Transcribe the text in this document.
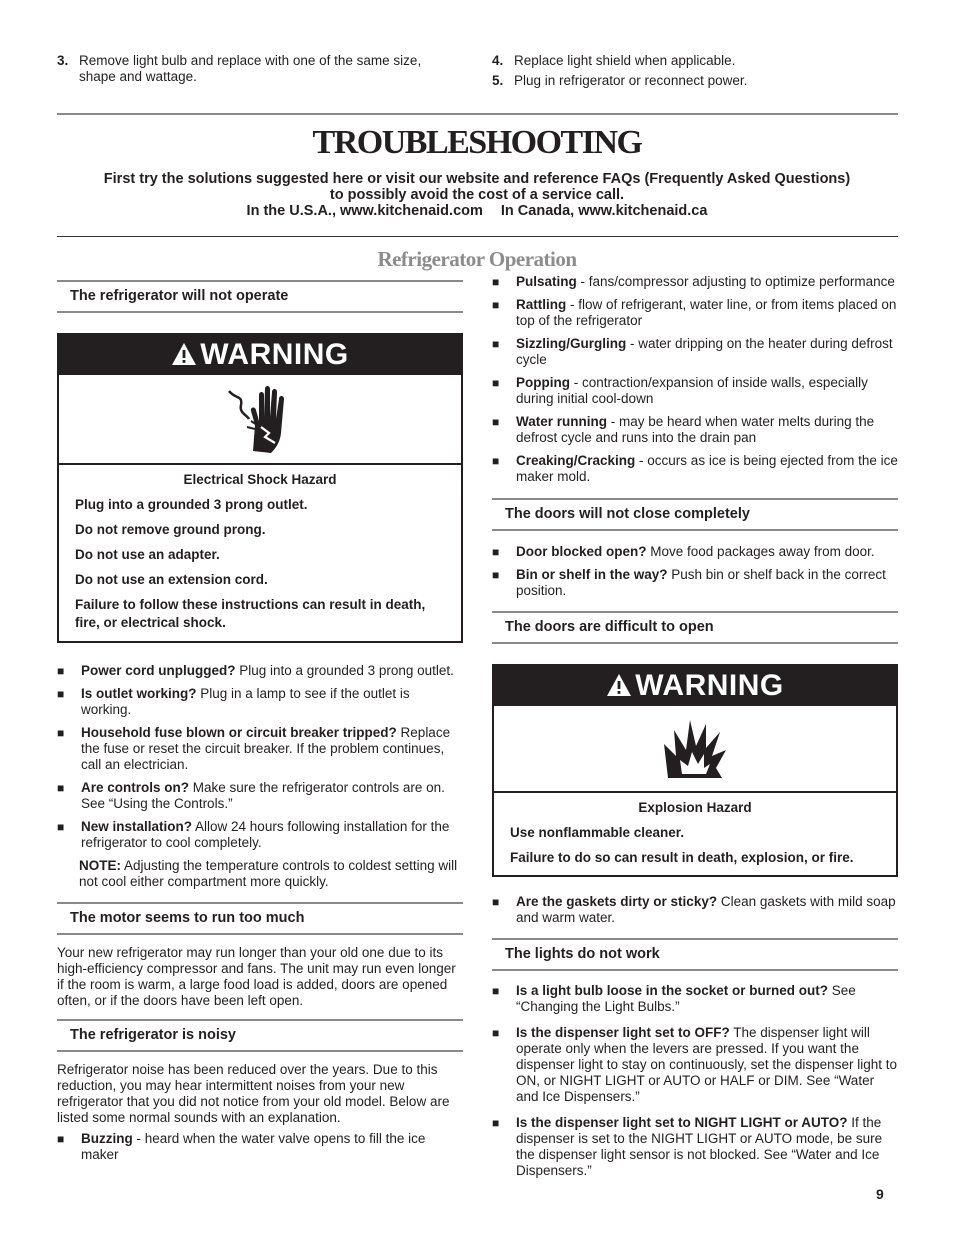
3. Remove light bulb and replace with one of the same size, shape and wattage.
4. Replace light shield when applicable.
5. Plug in refrigerator or reconnect power.
TROUBLESHOOTING
First try the solutions suggested here or visit our website and reference FAQs (Frequently Asked Questions)
to possibly avoid the cost of a service call.
In the U.S.A., www.kitchenaid.com In Canada, www.kitchenaid.ca
Refrigerator Operation
The refrigerator will not operate
WARNING
Electrical Shock Hazard

Plug into a grounded 3 prong outlet.

Do not remove ground prong.

Do not use an adapter.

Do not use an extension cord.

Failure to follow these instructions can result in death, fire, or electrical shock.

■
Power cord unplugged? Plug into a grounded 3 prong outlet.
■
Is outlet working? Plug in a lamp to see if the outlet is working.
■
Household fuse blown or circuit breaker tripped? Replace the fuse or reset the circuit breaker. If the problem continues, call an electrician.
■
Are controls on? Make sure the refrigerator controls are on. See “Using the Controls.”
■
New installation? Allow 24 hours following installation for the refrigerator to cool completely.
NOTE: Adjusting the temperature controls to coldest setting will not cool either compartment more quickly.
The motor seems to run too much
Your new refrigerator may run longer than your old one due to its high-efficiency compressor and fans. The unit may run even longer if the room is warm, a large food load is added, doors are opened often, or if the doors have been left open.
The refrigerator is noisy
Refrigerator noise has been reduced over the years. Due to this reduction, you may hear intermittent noises from your new refrigerator that you did not notice from your old model. Below are listed some normal sounds with an explanation.
■
Buzzing - heard when the water valve opens to fill the ice maker
■
Pulsating - fans/compressor adjusting to optimize performance
■
Rattling - flow of refrigerant, water line, or from items placed on top of the refrigerator
■
Sizzling/Gurgling - water dripping on the heater during defrost cycle
■
Popping - contraction/expansion of inside walls, especially during initial cool-down
■
Water running - may be heard when water melts during the defrost cycle and runs into the drain pan
■
Creaking/Cracking - occurs as ice is being ejected from the ice maker mold.
The doors will not close completely
■
Door blocked open? Move food packages away from door.
■
Bin or shelf in the way? Push bin or shelf back in the correct position.
The doors are difficult to open
WARNING
Explosion Hazard

Use nonflammable cleaner.

Failure to do so can result in death, explosion, or fire.

■
Are the gaskets dirty or sticky? Clean gaskets with mild soap and warm water.
The lights do not work
■
Is a light bulb loose in the socket or burned out? See “Changing the Light Bulbs.”
■
Is the dispenser light set to OFF? The dispenser light will operate only when the levers are pressed. If you want the dispenser light to stay on continuously, set the dispenser light to ON, or NIGHT LIGHT or AUTO or HALF or DIM. See “Water and Ice Dispensers.”
■
Is the dispenser light set to NIGHT LIGHT or AUTO? If the dispenser is set to the NIGHT LIGHT or AUTO mode, be sure the dispenser light sensor is not blocked. See “Water and Ice Dispensers.”
9
